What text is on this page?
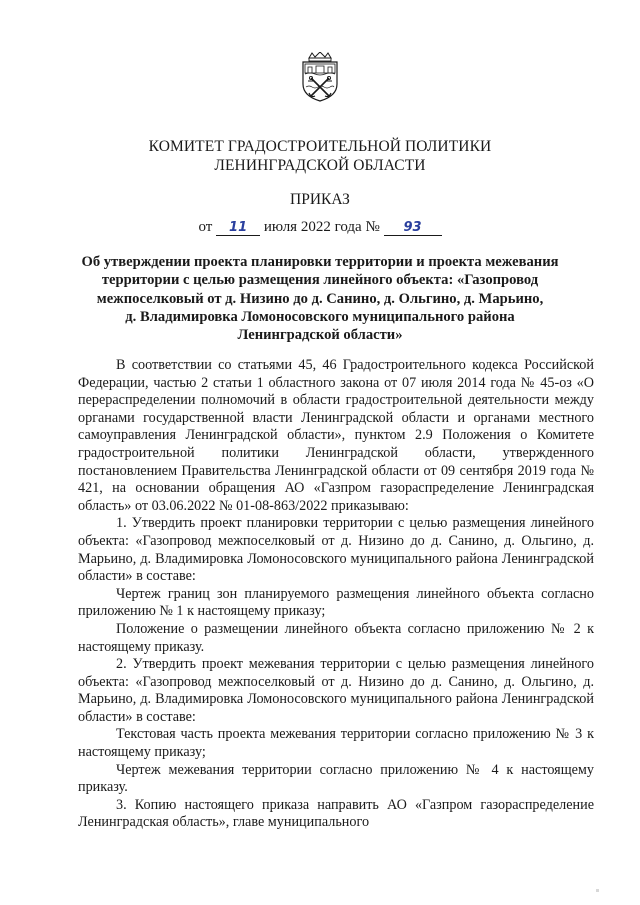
КОМИТЕТ ГРАДОСТРОИТЕЛЬНОЙ ПОЛИТИКИ
ЛЕНИНГРАДСКОЙ ОБЛАСТИ
ПРИКАЗ
от 11 июля 2022 года № 93
Об утверждении проекта планировки территории и проекта межевания
территории с целью размещения линейного объекта: «Газопровод
межпоселковый от д. Низино до д. Санино, д. Ольгино, д. Марьино,
д. Владимировка Ломоносовского муниципального района
Ленинградской области»

В соответствии со статьями 45, 46 Градостроительного кодекса Российской Федерации, частью 2 статьи 1 областного закона от 07 июля 2014 года № 45-оз «О перераспределении полномочий в области градостроительной деятельности между органами государственной власти Ленинградской области и органами местного самоуправления Ленинградской области», пунктом 2.9 Положения о Комитете градостроительной политики Ленинградской области, утвержденного постановлением Правительства Ленинградской области от 09 сентября 2019 года № 421, на основании обращения АО «Газпром газораспределение Ленинградская область» от 03.06.2022 № 01-08-863/2022 приказываю:

1. Утвердить проект планировки территории с целью размещения линейного объекта: «Газопровод межпоселковый от д. Низино до д. Санино, д. Ольгино, д. Марьино, д. Владимировка Ломоносовского муниципального района Ленинградской области» в составе:

Чертеж границ зон планируемого размещения линейного объекта согласно приложению № 1 к настоящему приказу;

Положение о размещении линейного объекта согласно приложению № 2 к настоящему приказу.

2. Утвердить проект межевания территории с целью размещения линейного объекта: «Газопровод межпоселковый от д. Низино до д. Санино, д. Ольгино, д. Марьино, д. Владимировка Ломоносовского муниципального района Ленинградской области» в составе:

Текстовая часть проекта межевания территории согласно приложению № 3 к настоящему приказу;

Чертеж межевания территории согласно приложению № 4 к настоящему приказу.

3. Копию настоящего приказа направить АО «Газпром газораспределение Ленинградская область», главе муниципального
